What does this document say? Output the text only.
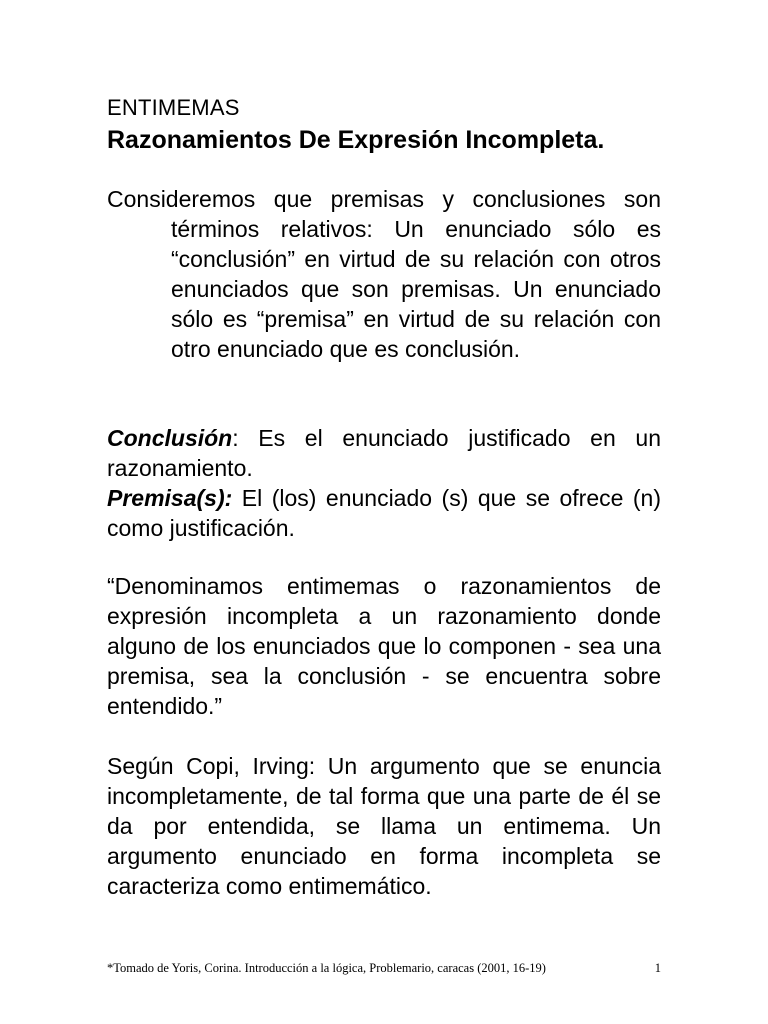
ENTIMEMAS
Razonamientos De Expresión Incompleta.
Consideremos que premisas y conclusiones son términos relativos: Un enunciado sólo es “conclusión” en virtud de su relación con otros enunciados que son premisas. Un enunciado sólo es “premisa” en virtud de su relación con otro enunciado que es conclusión.
Conclusión: Es el enunciado justificado en un razonamiento.
Premisa(s): El (los) enunciado (s) que se ofrece (n) como justificación.
“Denominamos entimemas o razonamientos de expresión incompleta a un razonamiento donde alguno de los enunciados que lo componen - sea una premisa, sea la conclusión - se encuentra sobre entendido.”
Según Copi, Irving: Un argumento que se enuncia incompletamente, de tal forma que una parte de él se da por entendida, se llama un entimema. Un argumento enunciado en forma incompleta se caracteriza como entimemático.
*Tomado de Yoris, Corina. Introducción a la lógica, Problemario, caracas (2001, 16-19)	1
